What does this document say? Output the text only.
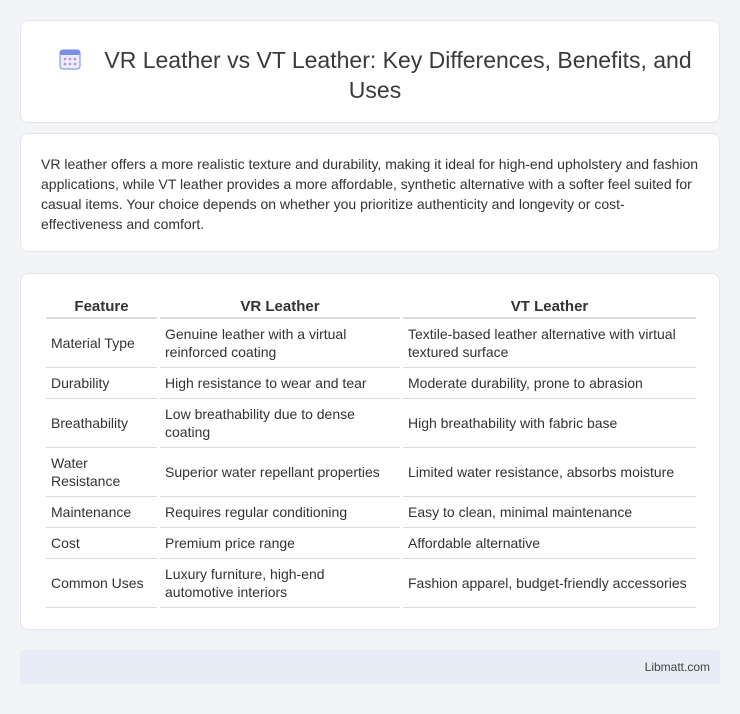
VR Leather vs VT Leather: Key Differences, Benefits, and Uses

VR leather offers a more realistic texture and durability, making it ideal for high-end upholstery and fashion applications, while VT leather provides a more affordable, synthetic alternative with a softer feel suited for casual items. Your choice depends on whether you prioritize authenticity and longevity or cost-effectiveness and comfort.

Feature	VR Leather	VT Leather
Material Type	Genuine leather with a virtual reinforced coating	Textile-based leather alternative with virtual textured surface
Durability	High resistance to wear and tear	Moderate durability, prone to abrasion
Breathability	Low breathability due to dense coating	High breathability with fabric base
Water Resistance	Superior water repellant properties	Limited water resistance, absorbs moisture
Maintenance	Requires regular conditioning	Easy to clean, minimal maintenance
Cost	Premium price range	Affordable alternative
Common Uses	Luxury furniture, high-end automotive interiors	Fashion apparel, budget-friendly accessories
Libmatt.com
